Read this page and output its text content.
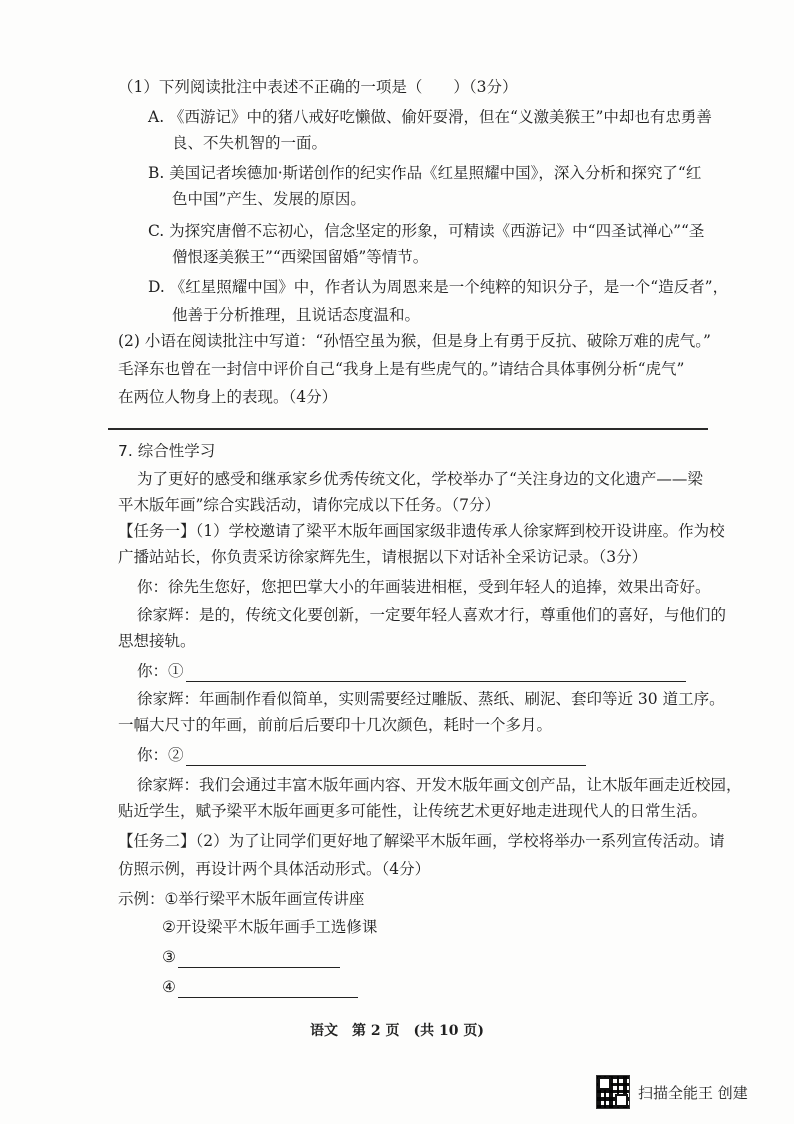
（1）下列阅读批注中表述不正确的一项是（　　）（3分）
A. 《西游记》中的猪八戒好吃懒做、偷奸耍滑，但在“义激美猴王”中却也有忠勇善
良、不失机智的一面。
B. 美国记者埃德加·斯诺创作的纪实作品《红星照耀中国》，深入分析和探究了“红
色中国”产生、发展的原因。
C. 为探究唐僧不忘初心，信念坚定的形象，可精读《西游记》中“四圣试禅心”“圣
僧恨逐美猴王”“西梁国留婚”等情节。
D. 《红星照耀中国》中，作者认为周恩来是一个纯粹的知识分子，是一个“造反者”，
他善于分析推理，且说话态度温和。
(2) 小语在阅读批注中写道：“孙悟空虽为猴，但是身上有勇于反抗、破除万难的虎气。”
毛泽东也曾在一封信中评价自己“我身上是有些虎气的。”请结合具体事例分析“虎气”
在两位人物身上的表现。（4分）
7. 综合性学习
为了更好的感受和继承家乡优秀传统文化，学校举办了“关注身边的文化遗产——梁
平木版年画”综合实践活动，请你完成以下任务。（7分）
【任务一】（1）学校邀请了梁平木版年画国家级非遗传承人徐家辉到校开设讲座。作为校
广播站站长，你负责采访徐家辉先生，请根据以下对话补全采访记录。（3分）
你：徐先生您好，您把巴掌大小的年画装进相框，受到年轻人的追捧，效果出奇好。
徐家辉：是的，传统文化要创新，一定要年轻人喜欢才行，尊重他们的喜好，与他们的
思想接轨。
你：①
徐家辉：年画制作看似简单，实则需要经过雕版、蒸纸、刷泥、套印等近 30 道工序。
一幅大尺寸的年画，前前后后要印十几次颜色，耗时一个多月。
你：②
徐家辉：我们会通过丰富木版年画内容、开发木版年画文创产品，让木版年画走近校园，
贴近学生，赋予梁平木版年画更多可能性，让传统艺术更好地走进现代人的日常生活。
【任务二】（2）为了让同学们更好地了解梁平木版年画，学校将举办一系列宣传活动。请
仿照示例，再设计两个具体活动形式。（4分）
示例：①举行梁平木版年画宣传讲座
②开设梁平木版年画手工选修课
③
④
语文　第 2 页　(共 10 页)
扫描全能王 创建
